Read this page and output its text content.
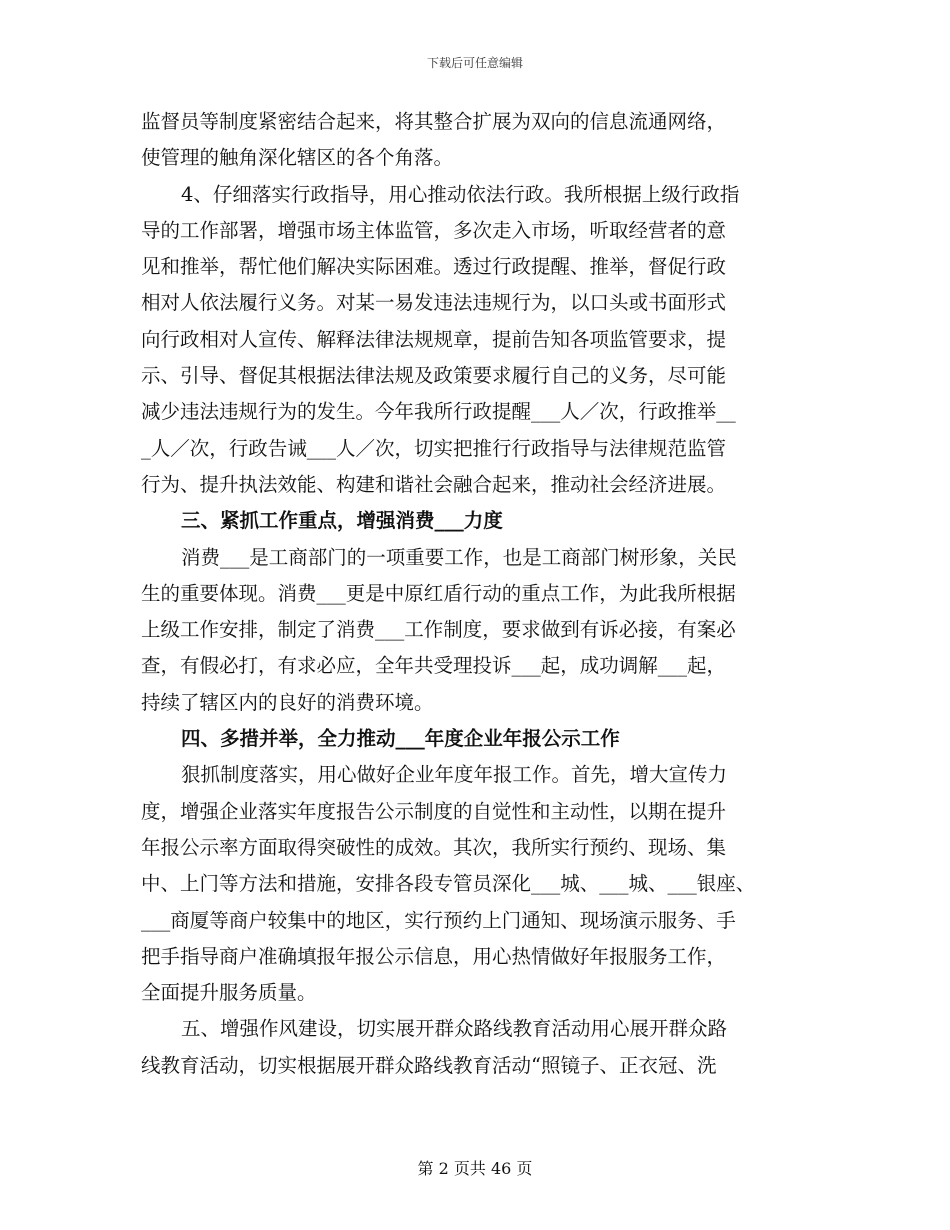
下载后可任意编辑
监督员等制度紧密结合起来，将其整合扩展为双向的信息流通网络，
使管理的触角深化辖区的各个角落。
4、仔细落实行政指导，用心推动依法行政。我所根据上级行政指
导的工作部署，增强市场主体监管，多次走入市场，听取经营者的意
见和推举，帮忙他们解决实际困难。透过行政提醒、推举，督促行政
相对人依法履行义务。对某一易发违法违规行为，以口头或书面形式
向行政相对人宣传、解释法律法规规章，提前告知各项监管要求，提
示、引导、督促其根据法律法规及政策要求履行自己的义务，尽可能
减少违法违规行为的发生。今年我所行政提醒___人／次，行政推举__
_人／次，行政告诫___人／次，切实把推行行政指导与法律规范监管
行为、提升执法效能、构建和谐社会融合起来，推动社会经济进展。
三、紧抓工作重点，增强消费___力度
消费___是工商部门的一项重要工作，也是工商部门树形象，关民
生的重要体现。消费___更是中原红盾行动的重点工作，为此我所根据
上级工作安排，制定了消费___工作制度，要求做到有诉必接，有案必
查，有假必打，有求必应，全年共受理投诉___起，成功调解___起，
持续了辖区内的良好的消费环境。
四、多措并举，全力推动___年度企业年报公示工作
狠抓制度落实，用心做好企业年度年报工作。首先，增大宣传力
度，增强企业落实年度报告公示制度的自觉性和主动性，以期在提升
年报公示率方面取得突破性的成效。其次，我所实行预约、现场、集
中、上门等方法和措施，安排各段专管员深化___城、___城、___银座、
___商厦等商户较集中的地区，实行预约上门通知、现场演示服务、手
把手指导商户准确填报年报公示信息，用心热情做好年报服务工作，
全面提升服务质量。
五、增强作风建设，切实展开群众路线教育活动用心展开群众路
线教育活动，切实根据展开群众路线教育活动“照镜子、正衣冠、洗
第 2 页共 46 页
